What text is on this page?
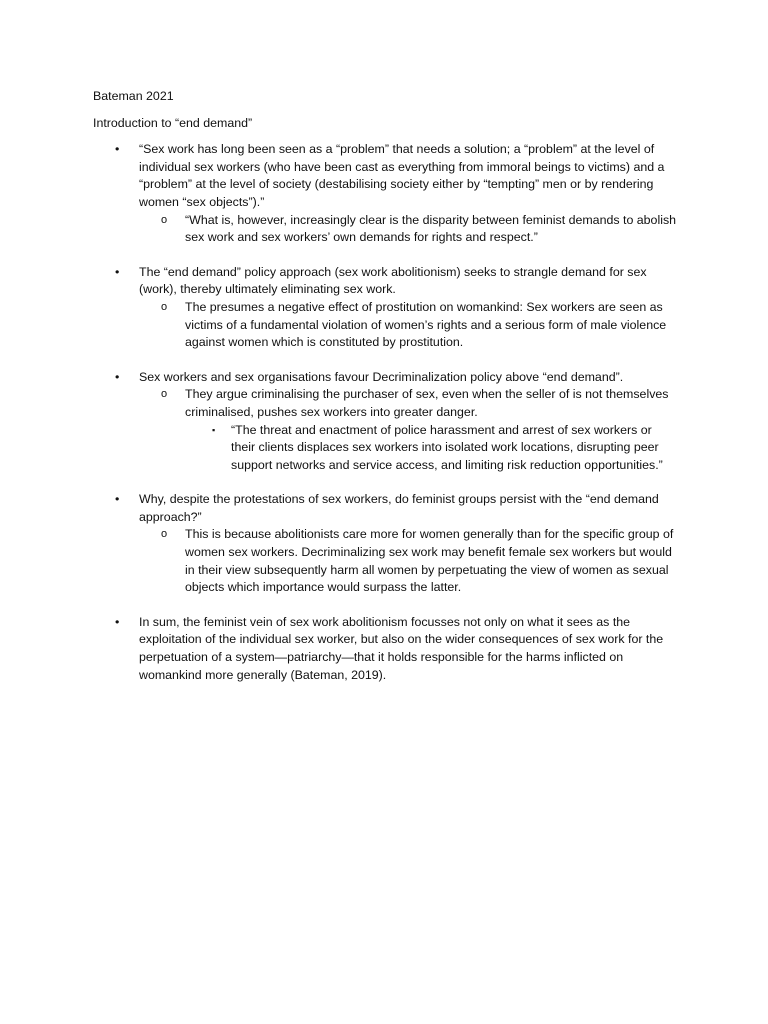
Bateman 2021
Introduction to “end demand”
•	“Sex work has long been seen as a “problem” that needs a solution; a “problem” at the level of individual sex workers (who have been cast as everything from immoral beings to victims) and a “problem” at the level of society (destabilising society either by “tempting” men or by rendering women “sex objects”).”
o “What is, however, increasingly clear is the disparity between feminist demands to abolish sex work and sex workers’ own demands for rights and respect.”
•	The “end demand” policy approach (sex work abolitionism) seeks to strangle demand for sex (work), thereby ultimately eliminating sex work.
o The presumes a negative effect of prostitution on womankind: Sex workers are seen as victims of a fundamental violation of women’s rights and a serious form of male violence against women which is constituted by prostitution.
•	Sex workers and sex organisations favour Decriminalization policy above “end demand”.
o They argue criminalising the purchaser of sex, even when the seller of is not themselves criminalised, pushes sex workers into greater danger.
▪ “The threat and enactment of police harassment and arrest of sex workers or their clients displaces sex workers into isolated work locations, disrupting peer support networks and service access, and limiting risk reduction opportunities.”
•	Why, despite the protestations of sex workers, do feminist groups persist with the “end demand approach?”
o This is because abolitionists care more for women generally than for the specific group of women sex workers. Decriminalizing sex work may benefit female sex workers but would in their view subsequently harm all women by perpetuating the view of women as sexual objects which importance would surpass the latter.
•	In sum, the feminist vein of sex work abolitionism focusses not only on what it sees as the exploitation of the individual sex worker, but also on the wider consequences of sex work for the perpetuation of a system—patriarchy—that it holds responsible for the harms inflicted on womankind more generally (Bateman, 2019).
